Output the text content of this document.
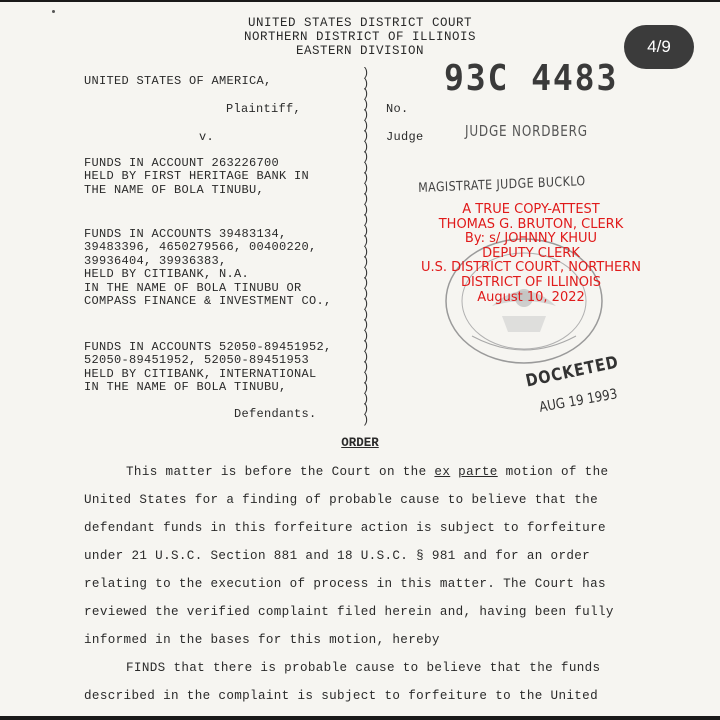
UNITED STATES DISTRICT COURT
NORTHERN DISTRICT OF ILLINOIS
EASTERN DIVISION
UNITED STATES OF AMERICA,
Plaintiff,
v.
FUNDS IN ACCOUNT 263226700
HELD BY FIRST HERITAGE BANK IN
THE NAME OF BOLA TINUBU,
FUNDS IN ACCOUNTS 39483134,
39483396, 4650279566, 00400220,
39936404, 39936383,
HELD BY CITIBANK, N.A.
IN THE NAME OF BOLA TINUBU OR
COMPASS FINANCE & INVESTMENT CO.,
FUNDS IN ACCOUNTS 52050-89451952,
52050-89451952, 52050-89451953
HELD BY CITIBANK, INTERNATIONAL
IN THE NAME OF BOLA TINUBU,
Defendants.
)
)
)
)
)
)
)
)
)
)
)
)
)
)
)
)
)
)
)
)
)
)
)
)
)
)
)
)
)
)
)
)
)
)
No.
Judge
93C 4483
JUDGE NORDBERG
MAGISTRATE JUDGE BUCKLO
A TRUE COPY-ATTEST
THOMAS G. BRUTON, CLERK
By: s/ JOHNNY KHUU
DEPUTY CLERK
U.S. DISTRICT COURT, NORTHERN
DISTRICT OF ILLINOIS
August 10, 2022
DOCKETED
AUG 19 1993
ORDER
This matter is before the Court on the ex parte motion of the
United States for a finding of probable cause to believe that the
defendant funds in this forfeiture action is subject to forfeiture
under 21 U.S.C. Section 881 and 18 U.S.C. § 981 and for an order
relating to the execution of process in this matter. The Court has
reviewed the verified complaint filed herein and, having been fully
informed in the bases for this motion, hereby
FINDS that there is probable cause to believe that the funds
described in the complaint is subject to forfeiture to the United
4/9
